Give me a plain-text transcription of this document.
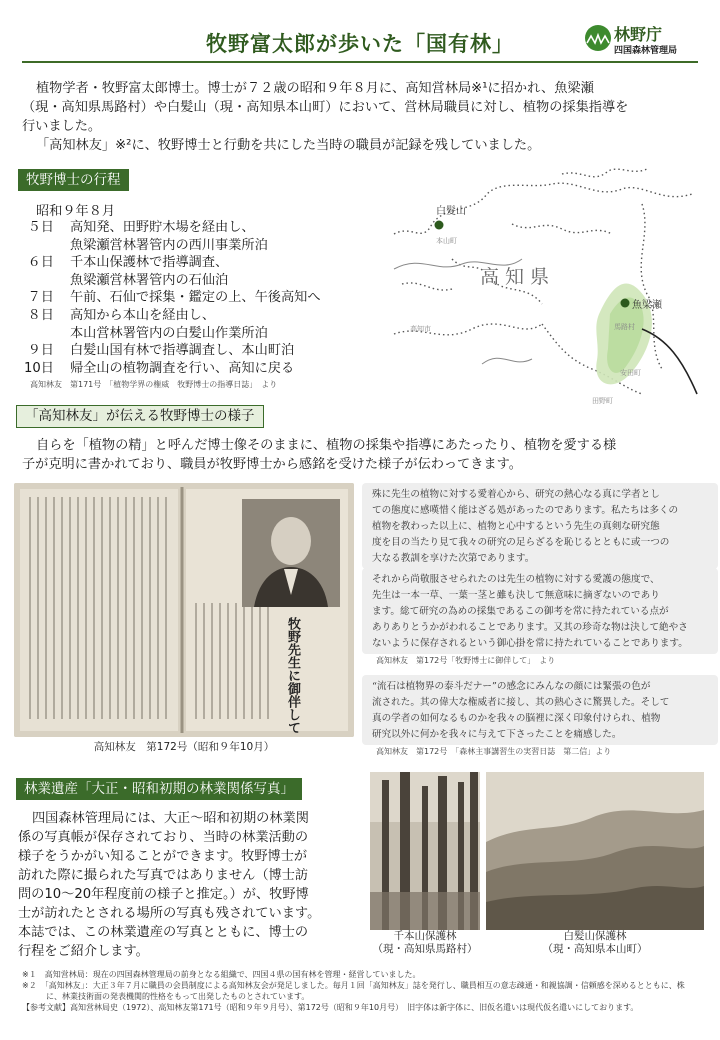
牧野富太郎が歩いた「国有林」	林野庁
四国森林管理局

植物学者・牧野富太郎博士。博士が７２歳の昭和９年８月に、高知営林局※¹に招かれ、魚梁瀬

（現・高知県馬路村）や白髪山（現・高知県本山町）において、営林局職員に対し、植物の採集指導を

行いました。

「高知林友」※²に、牧野博士と行動を共にした当時の職員が記録を残していました。

牧野博士の行程
昭和９年８月
５日 高知発、田野貯木場を経由し、
魚梁瀬営林署管内の西川事業所泊
６日 千本山保護林で指導調査、
魚梁瀬営林署管内の石仙泊
７日 午前、石仙で採集・鑑定の上、午後高知へ
８日 高知から本山を経由し、
本山営林署管内の白髪山作業所泊
９日 白髪山国有林で指導調査し、本山町泊
10日 帰全山の植物調査を行い、高知に戻る
高知林友　第171号　「植物学界の権威　牧野博士の指導日誌」　より
白髪山
魚梁瀬
高知県
本山町
高知市	馬路村
安田町
田野町
「高知林友」が伝える牧野博士の様子
自らを「植物の精」と呼んだ博士像そのままに、植物の採集や指導にあたったり、植物を愛する様
子が克明に書かれており、職員が牧野博士から感銘を受けた様子が伝わってきます。
牧野先生に御伴して
高知林友　第172号（昭和９年10月）
殊に先生の植物に対する愛着心から、研究の熱心なる真に学者とし
ての態度に感嘆惜く能はざる処があったのであります。私たちは多くの
植物を教わった以上に、植物と心中するという先生の真剣な研究態
度を目の当たり見て我々の研究の足らざるを恥じるとともに或一つの
大なる教訓を享けた次第であります。
それから尚敬服させられたのは先生の植物に対する愛護の態度で、
先生は一本一草、一葉一茎と雖も決して無意味に摘ぎないのであり
ます。総て研究の為めの採集であるこの御考を常に持たれている点が
ありありとうかがわれることであります。又其の珍奇な物は決して絶やさ
ないように保存されるという御心掛を常に持たれていることであります。
高知林友　第172号「牧野博士に御伴して」　より
“流石は植物界の泰斗だナー”の感念にみんなの顔には緊張の色が
流された。其の偉大な権威者に接し、其の熱心さに驚異した。そして
真の学者の如何なるものかを我々の脳裡に深く印象付けられ、植物
研究以外に何かを我々に与えて下さったことを痛感した。
高知林友　第172号　「森林主事講習生の実習日誌　第二信」より
林業遺産「大正・昭和初期の林業関係写真」
四国森林管理局には、大正～昭和初期の林業関
係の写真帳が保存されており、当時の林業活動の
様子をうかがい知ることができます。牧野博士が
訪れた際に撮られた写真ではありません（博士訪
問の10～20年程度前の様子と推定。）が、牧野博
士が訪れたとされる場所の写真も残されています。
本誌では、この林業遺産の写真とともに、博士の
行程をご紹介します。
千本山保護林
（現・高知県馬路村）
白髪山保護林
（現・高知県本山町）
※１　高知営林局：現在の四国森林管理局の前身となる組織で、四国４県の国有林を管理・経営していました。
※２　「高知林友」：大正３年７月に職員の会員制度による高知林友会が発足しました。毎月１回「高知林友」誌を発行し、職員相互の意志疎通・和親協調・信頼感を深めるとともに、株
に、林業技術面の発表機関的性格をもって出発したものとされています。
【参考文献】高知営林局史（1972）、高知林友第171号（昭和９年９月号）、第172号（昭和９年10月号）　旧字体は新字体に、旧仮名遣いは現代仮名遣いにしております。
